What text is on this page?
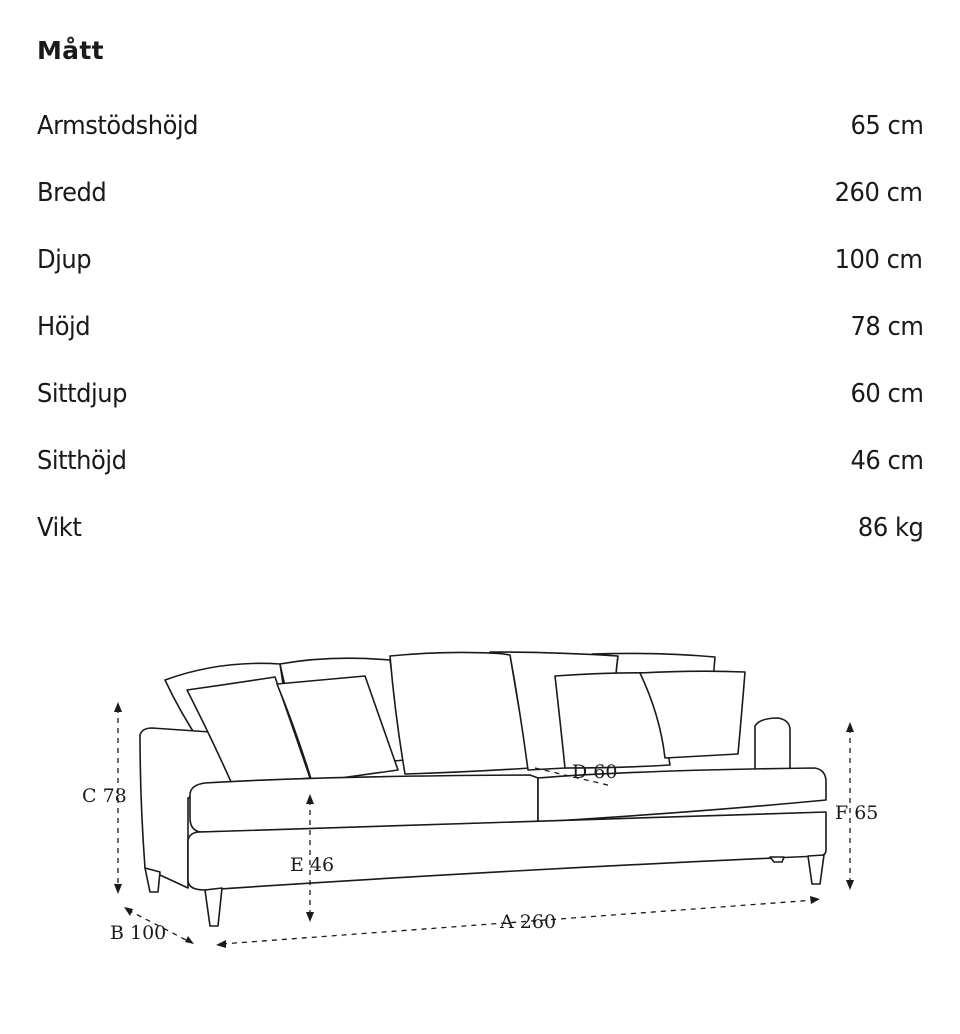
Mått
Armstödshöjd	65 cm
Bredd	260 cm
Djup	100 cm
Höjd	78 cm
Sittdjup	60 cm
Sitthöjd	46 cm
Vikt	86 kg
C 78
D 60
E 46
F 65
A 260
B 100
